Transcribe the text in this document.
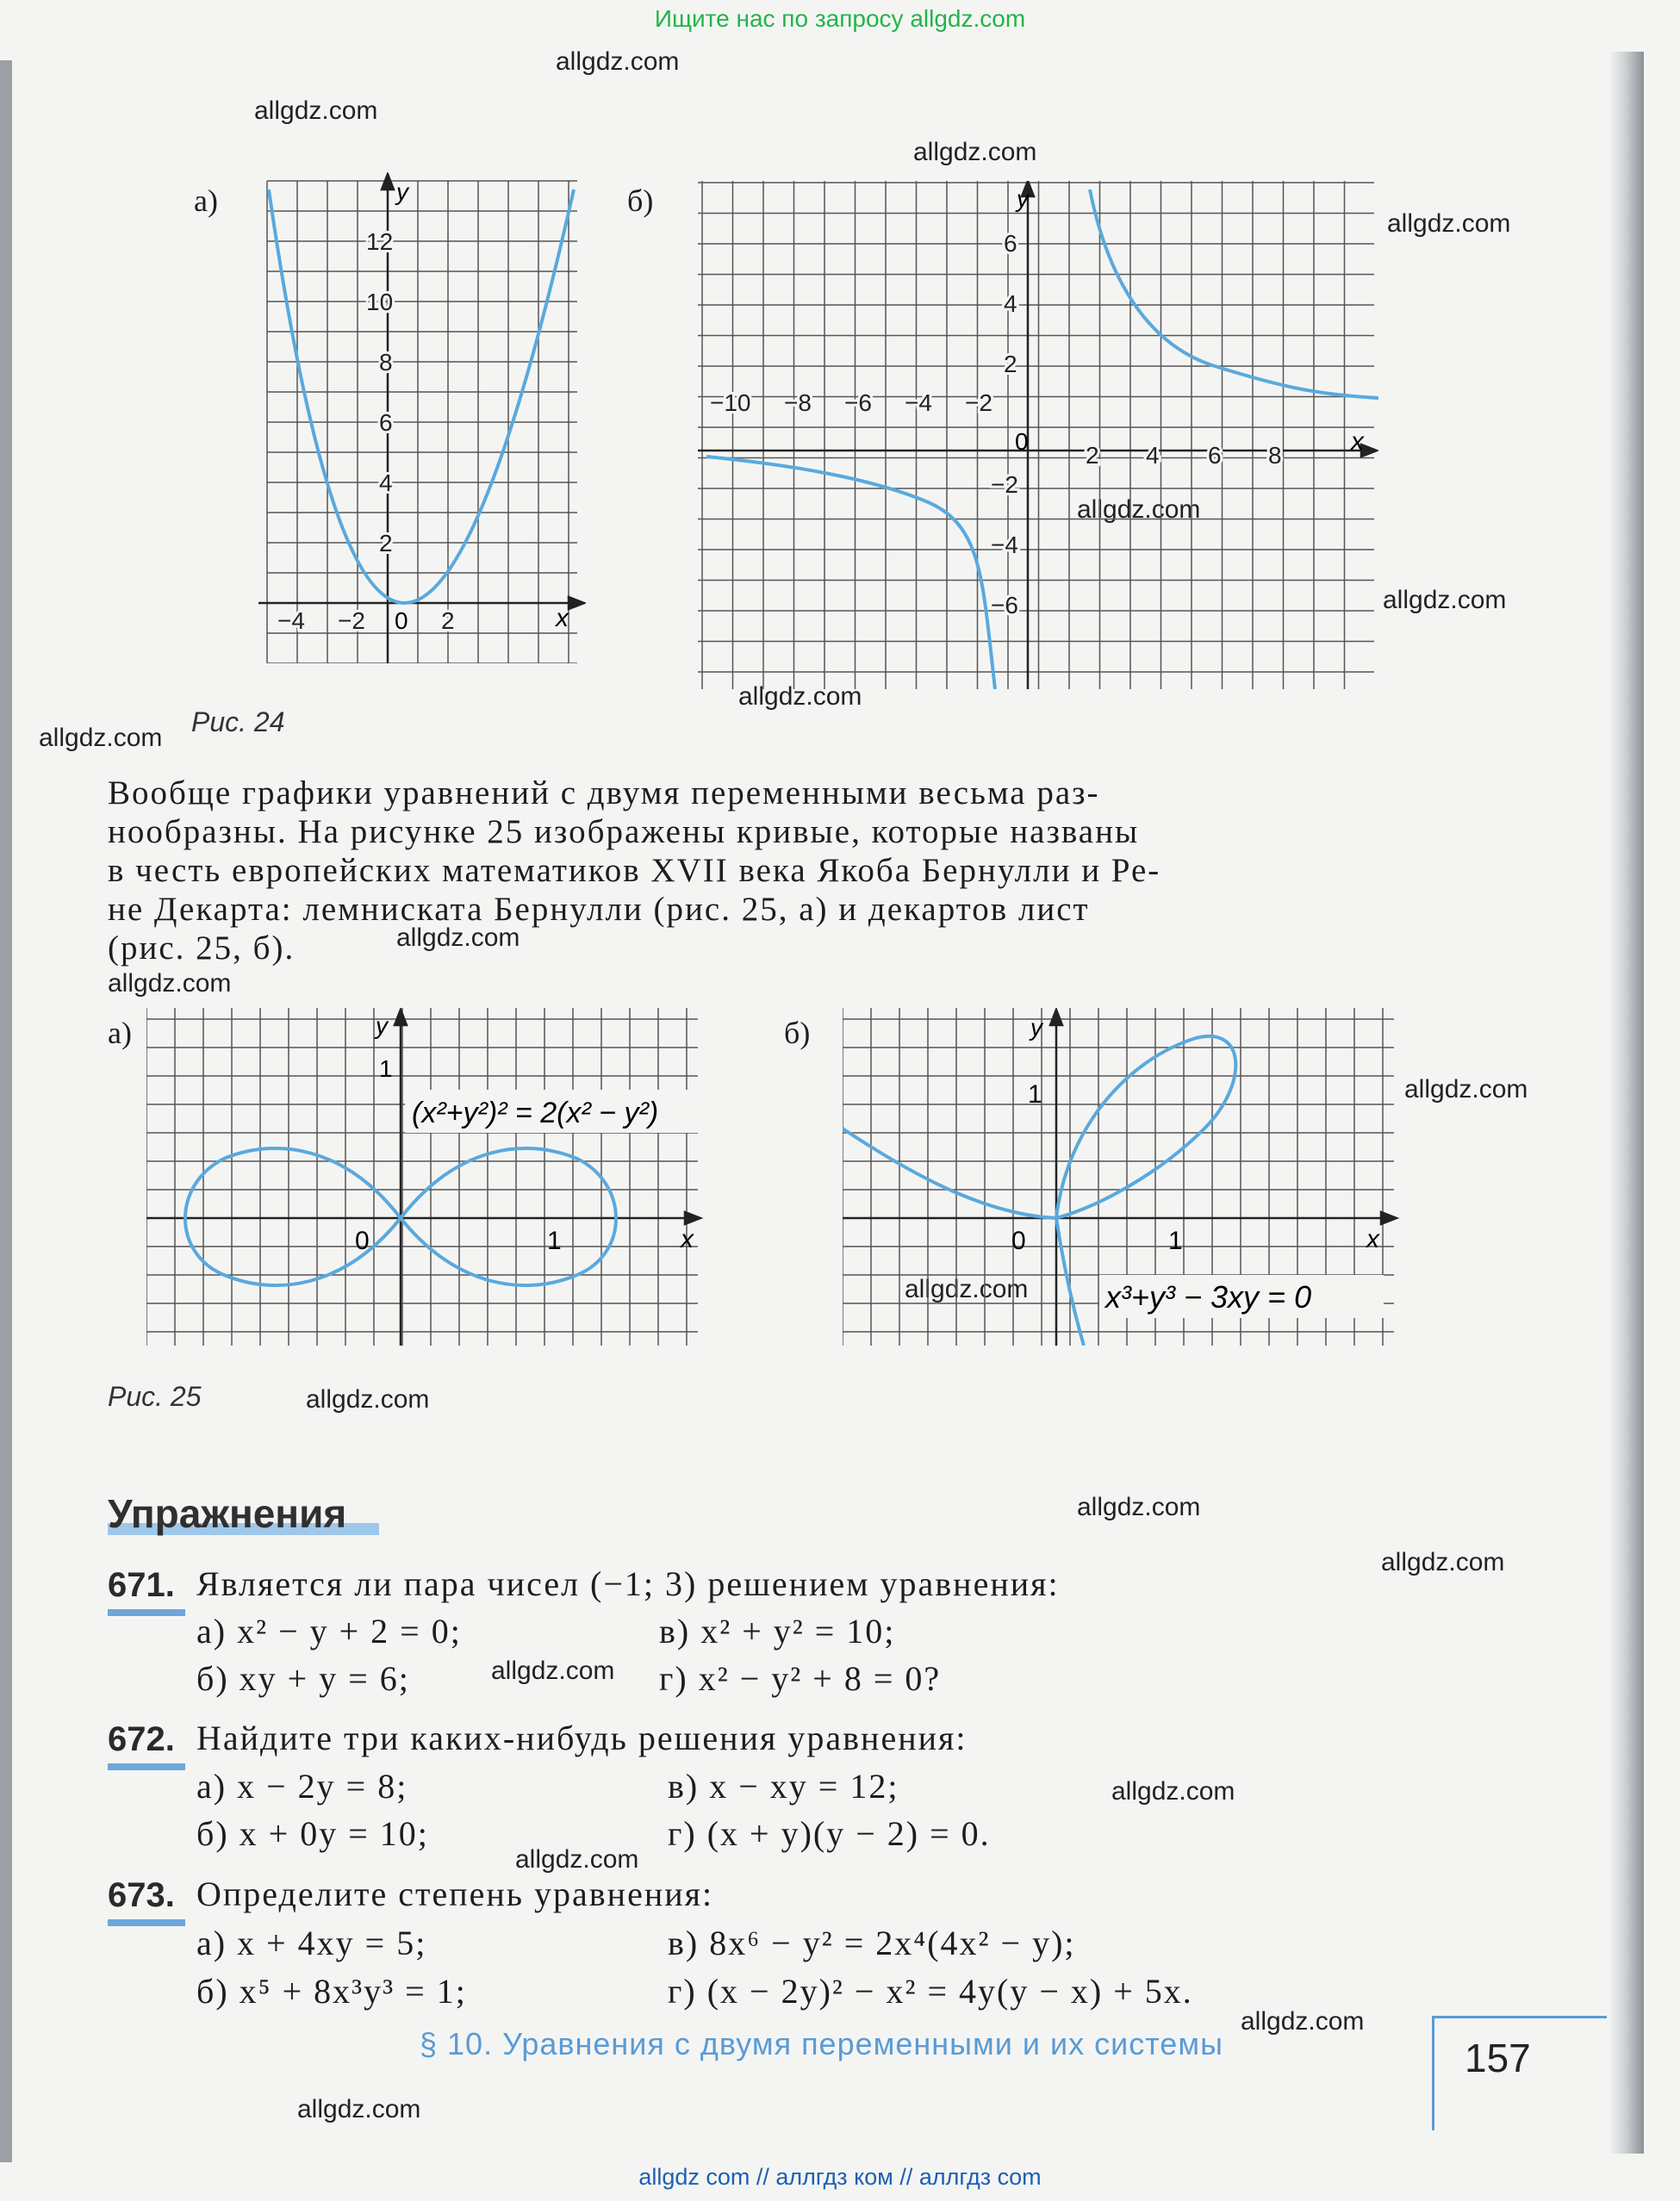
Ищите нас по запросу allgdz.com
allgdz.com
allgdz.com
allgdz.com
allgdz.com
allgdz.com
allgdz.com
allgdz.com
allgdz.com
allgdz.com
allgdz.com
allgdz.com
allgdz.com
allgdz.com
allgdz.com
allgdz.com
allgdz.com
allgdz.com
allgdz.com
allgdz.com
allgdz.com
а)	б)
y
x
0
12
10
8
6
4
2
−4 −2	2
y
x
0
−10 −8 −6 −4 −2
2 4 6 8
6
4
2
−2
−4
−6
Рис. 24
Вообще графики уравнений с двумя переменными весьма раз-
нообразны. На рисунке 25 изображены кривые, которые названы
в честь европейских математиков XVII века Якоба Бернулли и Ре-
не Декарта: лемниската Бернулли (рис. 25, а) и декартов лист
(рис. 25, б).
а)	б)
(x²+y²)² = 2(x² − y²)
y
1
0	1	x
y
1
0	1	x
x³+y³ − 3xy = 0
Рис. 25
Упражнения
671. Является ли пара чисел (−1; 3) решением уравнения:
а) x² − y + 2 = 0;	в) x² + y² = 10;
б) xy + y = 6;	г) x² − y² + 8 = 0?
672. Найдите три каких-нибудь решения уравнения:
а) x − 2y = 8;	в) x − xy = 12;
б) x + 0y = 10;	г) (x + y)(y − 2) = 0.
673. Определите степень уравнения:
а) x + 4xy = 5;	в) 8x⁶ − y² = 2x⁴(4x² − y);
б) x⁵ + 8x³y³ = 1;	г) (x − 2y)² − x² = 4y(y − x) + 5x.
§ 10. Уравнения с двумя переменными и их системы	157
allgdz com // аллгдз ком // аллгдз com
